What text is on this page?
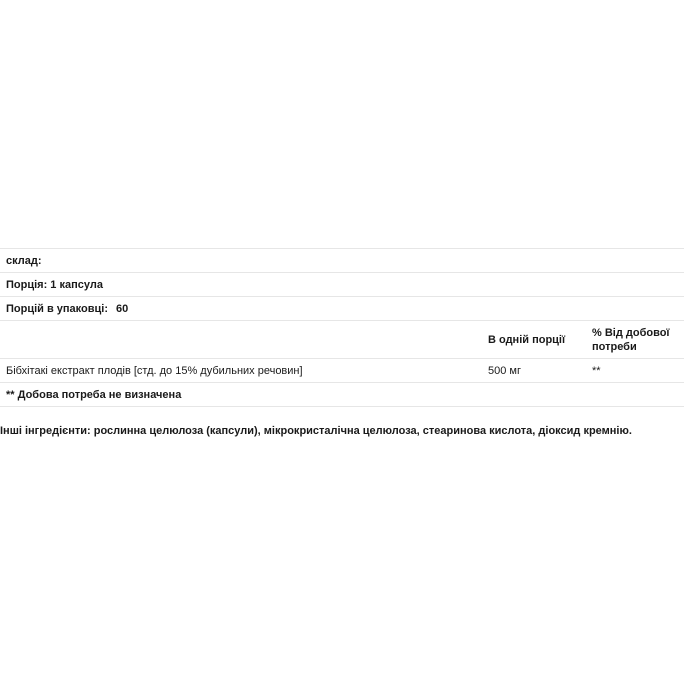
склад:		
Порція: 1 капсула		
Порцій в упаковці: 60		
	В одній порції	% Від добової потреби
Бібхітакі екстракт плодів [стд. до 15% дубильних речовин]	500 мг	**
** Добова потреба не визначена		
Інші інгредієнти: рослинна целюлоза (капсули), мікрокристалічна целюлоза, стеаринова кислота, діоксид кремнію.
